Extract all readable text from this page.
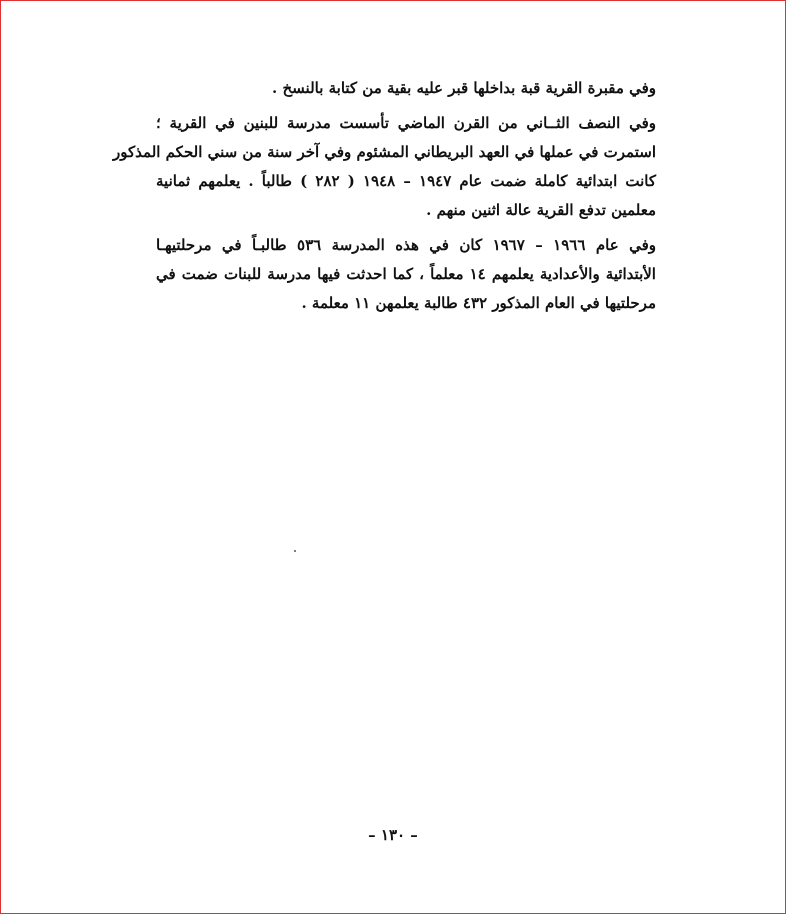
وفي مقبرة القرية قبة بداخلها قبر عليه بقية من كتابة بالنسخ .

وفي النصف الثــاني من القرن الماضي تأسست مدرسة للبنين في القرية ؛
استمرت في عملها في العهد البريطاني المشئوم وفي آخر سنة من سني الحكم المذكور
كانت ابتدائية كاملة ضمت عام ١٩٤٧ – ١٩٤٨ ( ٢٨٢ ) طالباً . يعلمهم ثمانية
معلمين تدفع القرية عالة اثنين منهم .

وفي عام ١٩٦٦ – ١٩٦٧ كان في هذه المدرسة ٥٣٦ طالبـاً في مرحلتيهـا
الأبتدائية والأعدادية يعلمهم ١٤ معلماً ، كما احدثت فيها مدرسة للبنات ضمت في
مرحلتيها في العام المذكور ٤٣٢ طالبة يعلمهن ١١ معلمة .

– ١٣٠ –
